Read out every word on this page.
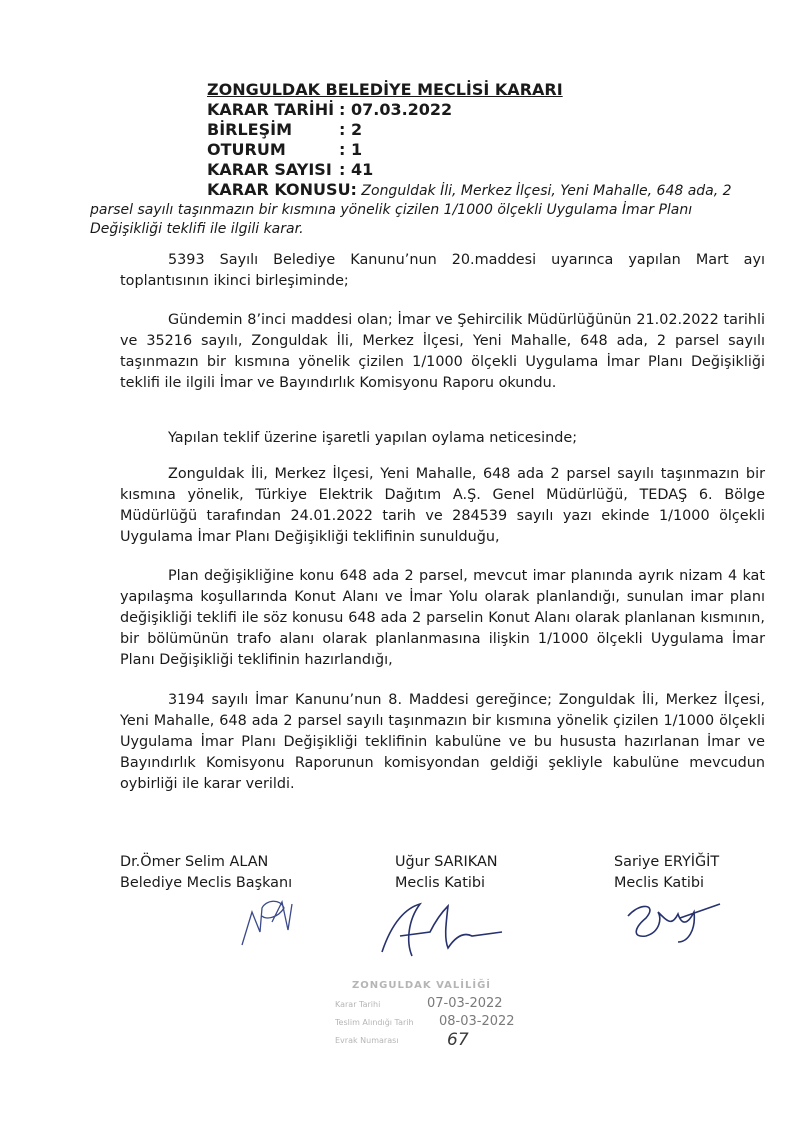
ZONGULDAK BELEDİYE MECLİSİ KARARI
KARAR TARİHİ : 07.03.2022
BİRLEŞİM	: 2
OTURUM	: 1
KARAR SAYISI : 41
KARAR KONUSU: Zonguldak İli, Merkez İlçesi, Yeni Mahalle, 648 ada, 2 parsel sayılı taşınmazın bir kısmına yönelik çizilen 1/1000 ölçekli Uygulama İmar Planı Değişikliği teklifi ile ilgili karar.
5393 Sayılı Belediye Kanunu’nun 20.maddesi uyarınca yapılan Mart ayı toplantısının ikinci birleşiminde;
Gündemin 8’inci maddesi olan; İmar ve Şehircilik Müdürlüğünün 21.02.2022 tarihli ve 35216 sayılı, Zonguldak İli, Merkez İlçesi, Yeni Mahalle, 648 ada, 2 parsel sayılı taşınmazın bir kısmına yönelik çizilen 1/1000 ölçekli Uygulama İmar Planı Değişikliği teklifi ile ilgili İmar ve Bayındırlık Komisyonu Raporu okundu.
Yapılan teklif üzerine işaretli yapılan oylama neticesinde;
Zonguldak İli, Merkez İlçesi, Yeni Mahalle, 648 ada 2 parsel sayılı taşınmazın bir kısmına yönelik, Türkiye Elektrik Dağıtım A.Ş. Genel Müdürlüğü, TEDAŞ 6. Bölge Müdürlüğü tarafından 24.01.2022 tarih ve 284539 sayılı yazı ekinde 1/1000 ölçekli Uygulama İmar Planı Değişikliği teklifinin sunulduğu,
Plan değişikliğine konu 648 ada 2 parsel, mevcut imar planında ayrık nizam 4 kat yapılaşma koşullarında Konut Alanı ve İmar Yolu olarak planlandığı, sunulan imar planı değişikliği teklifi ile söz konusu 648 ada 2 parselin Konut Alanı olarak planlanan kısmının, bir bölümünün trafo alanı olarak planlanmasına ilişkin 1/1000 ölçekli Uygulama İmar Planı Değişikliği teklifinin hazırlandığı,
3194 sayılı İmar Kanunu’nun 8. Maddesi gereğince; Zonguldak İli, Merkez İlçesi, Yeni Mahalle, 648 ada 2 parsel sayılı taşınmazın bir kısmına yönelik çizilen 1/1000 ölçekli Uygulama İmar Planı Değişikliği teklifinin kabulüne ve bu hususta hazırlanan İmar ve Bayındırlık Komisyonu Raporunun komisyondan geldiği şekliyle kabulüne mevcudun oybirliği ile karar verildi.
Dr.Ömer Selim ALAN
Belediye Meclis Başkanı
Uğur SARIKAN
Meclis Katibi
Sariye ERYİĞİT
Meclis Katibi
ZONGULDAK VALİLİĞİ
Karar Tarihi	07-03-2022
Teslim Alındığı Tarih 08-03-2022
Evrak Numarası	67
